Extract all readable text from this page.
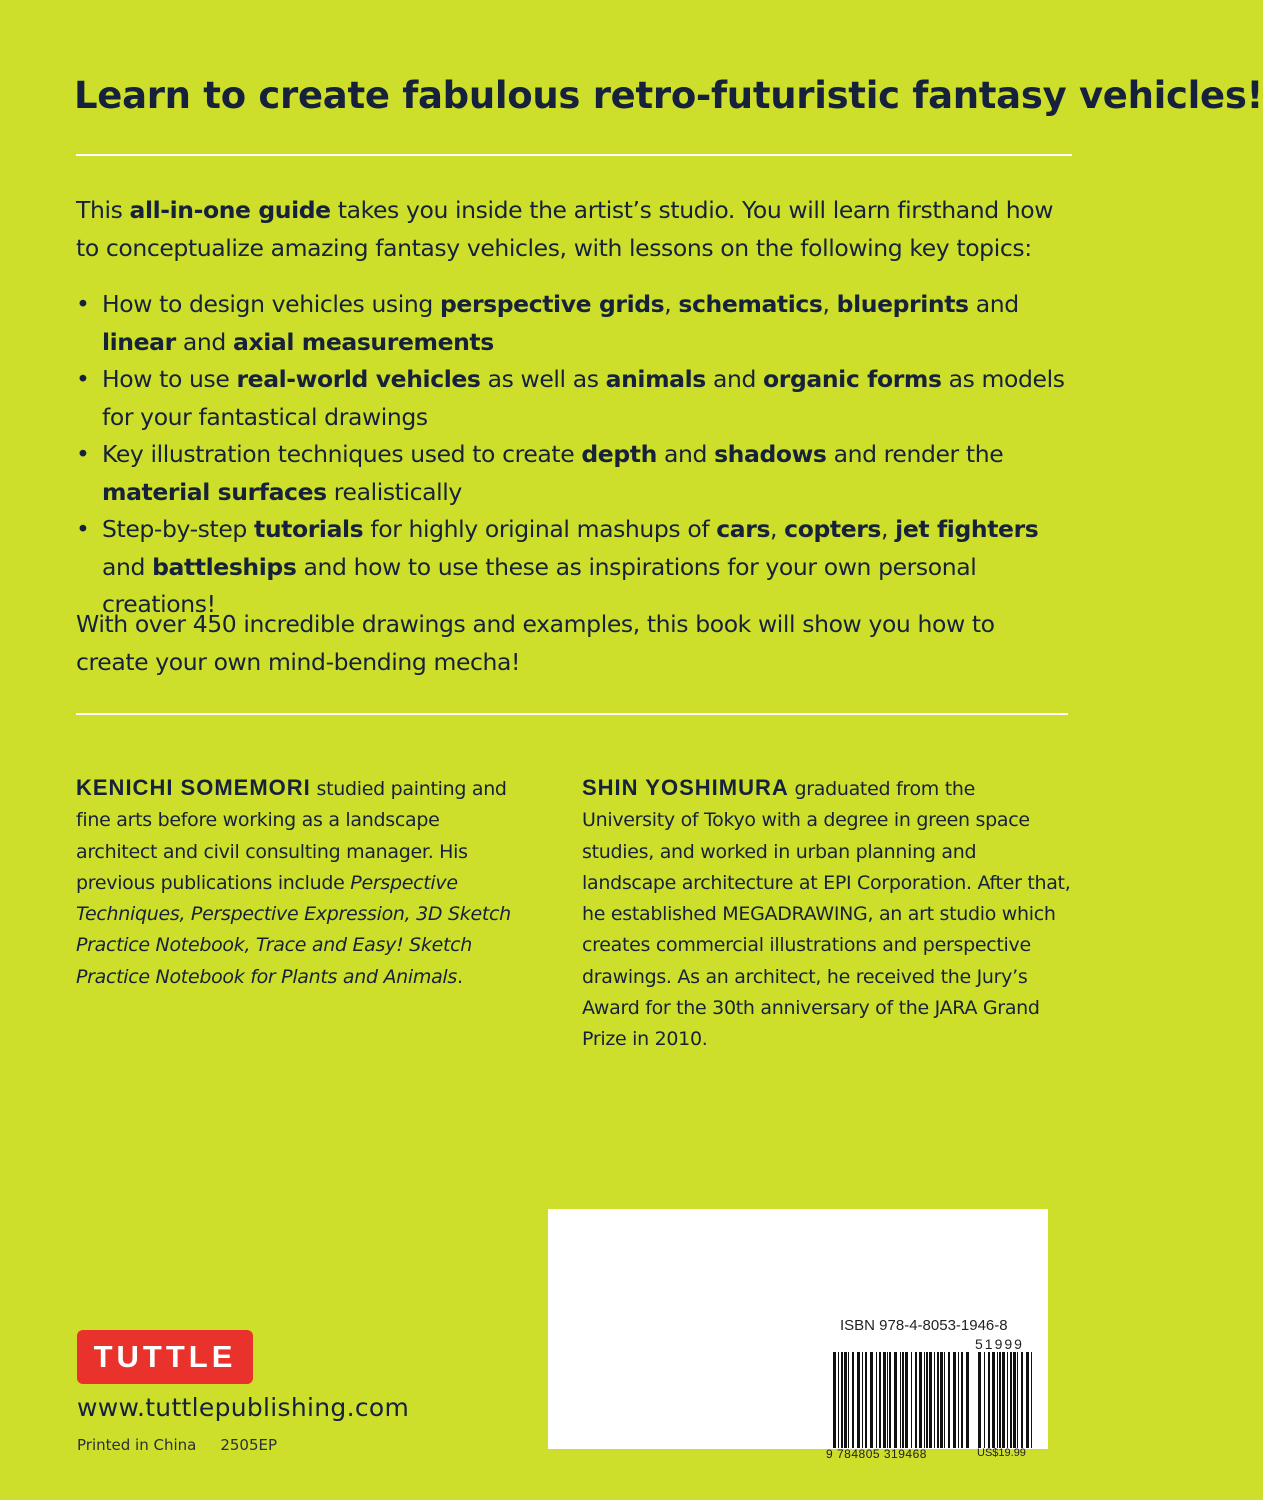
Learn to create fabulous retro-futuristic fantasy vehicles!

This all-in-one guide takes you inside the artist’s studio. You will learn firsthand how to conceptualize amazing fantasy vehicles, with lessons on the following key topics:

• How to design vehicles using perspective grids, schematics, blueprints and linear and axial measurements
• How to use real-world vehicles as well as animals and organic forms as models for your fantastical drawings
• Key illustration techniques used to create depth and shadows and render the material surfaces realistically
• Step-by-step tutorials for highly original mashups of cars, copters, jet fighters and battleships and how to use these as inspirations for your own personal creations!

With over 450 incredible drawings and examples, this book will show you how to create your own mind-bending mecha!

KENICHI SOMEMORI studied painting and fine arts before working as a landscape architect and civil consulting manager. His previous publications include Perspective Techniques, Perspective Expression, 3D Sketch Practice Notebook, Trace and Easy! Sketch Practice Notebook for Plants and Animals.

SHIN YOSHIMURA graduated from the University of Tokyo with a degree in green space studies, and worked in urban planning and landscape architecture at EPI Corporation. After that, he established MEGADRAWING, an art studio which creates commercial illustrations and perspective drawings. As an architect, he received the Jury’s Award for the 30th anniversary of the JARA Grand Prize in 2010.

ISBN 978-4-8053-1946-8

51999

9 784805 319468	US$19.99

TUTTLE

www.tuttlepublishing.com

Printed in China 2505EP
